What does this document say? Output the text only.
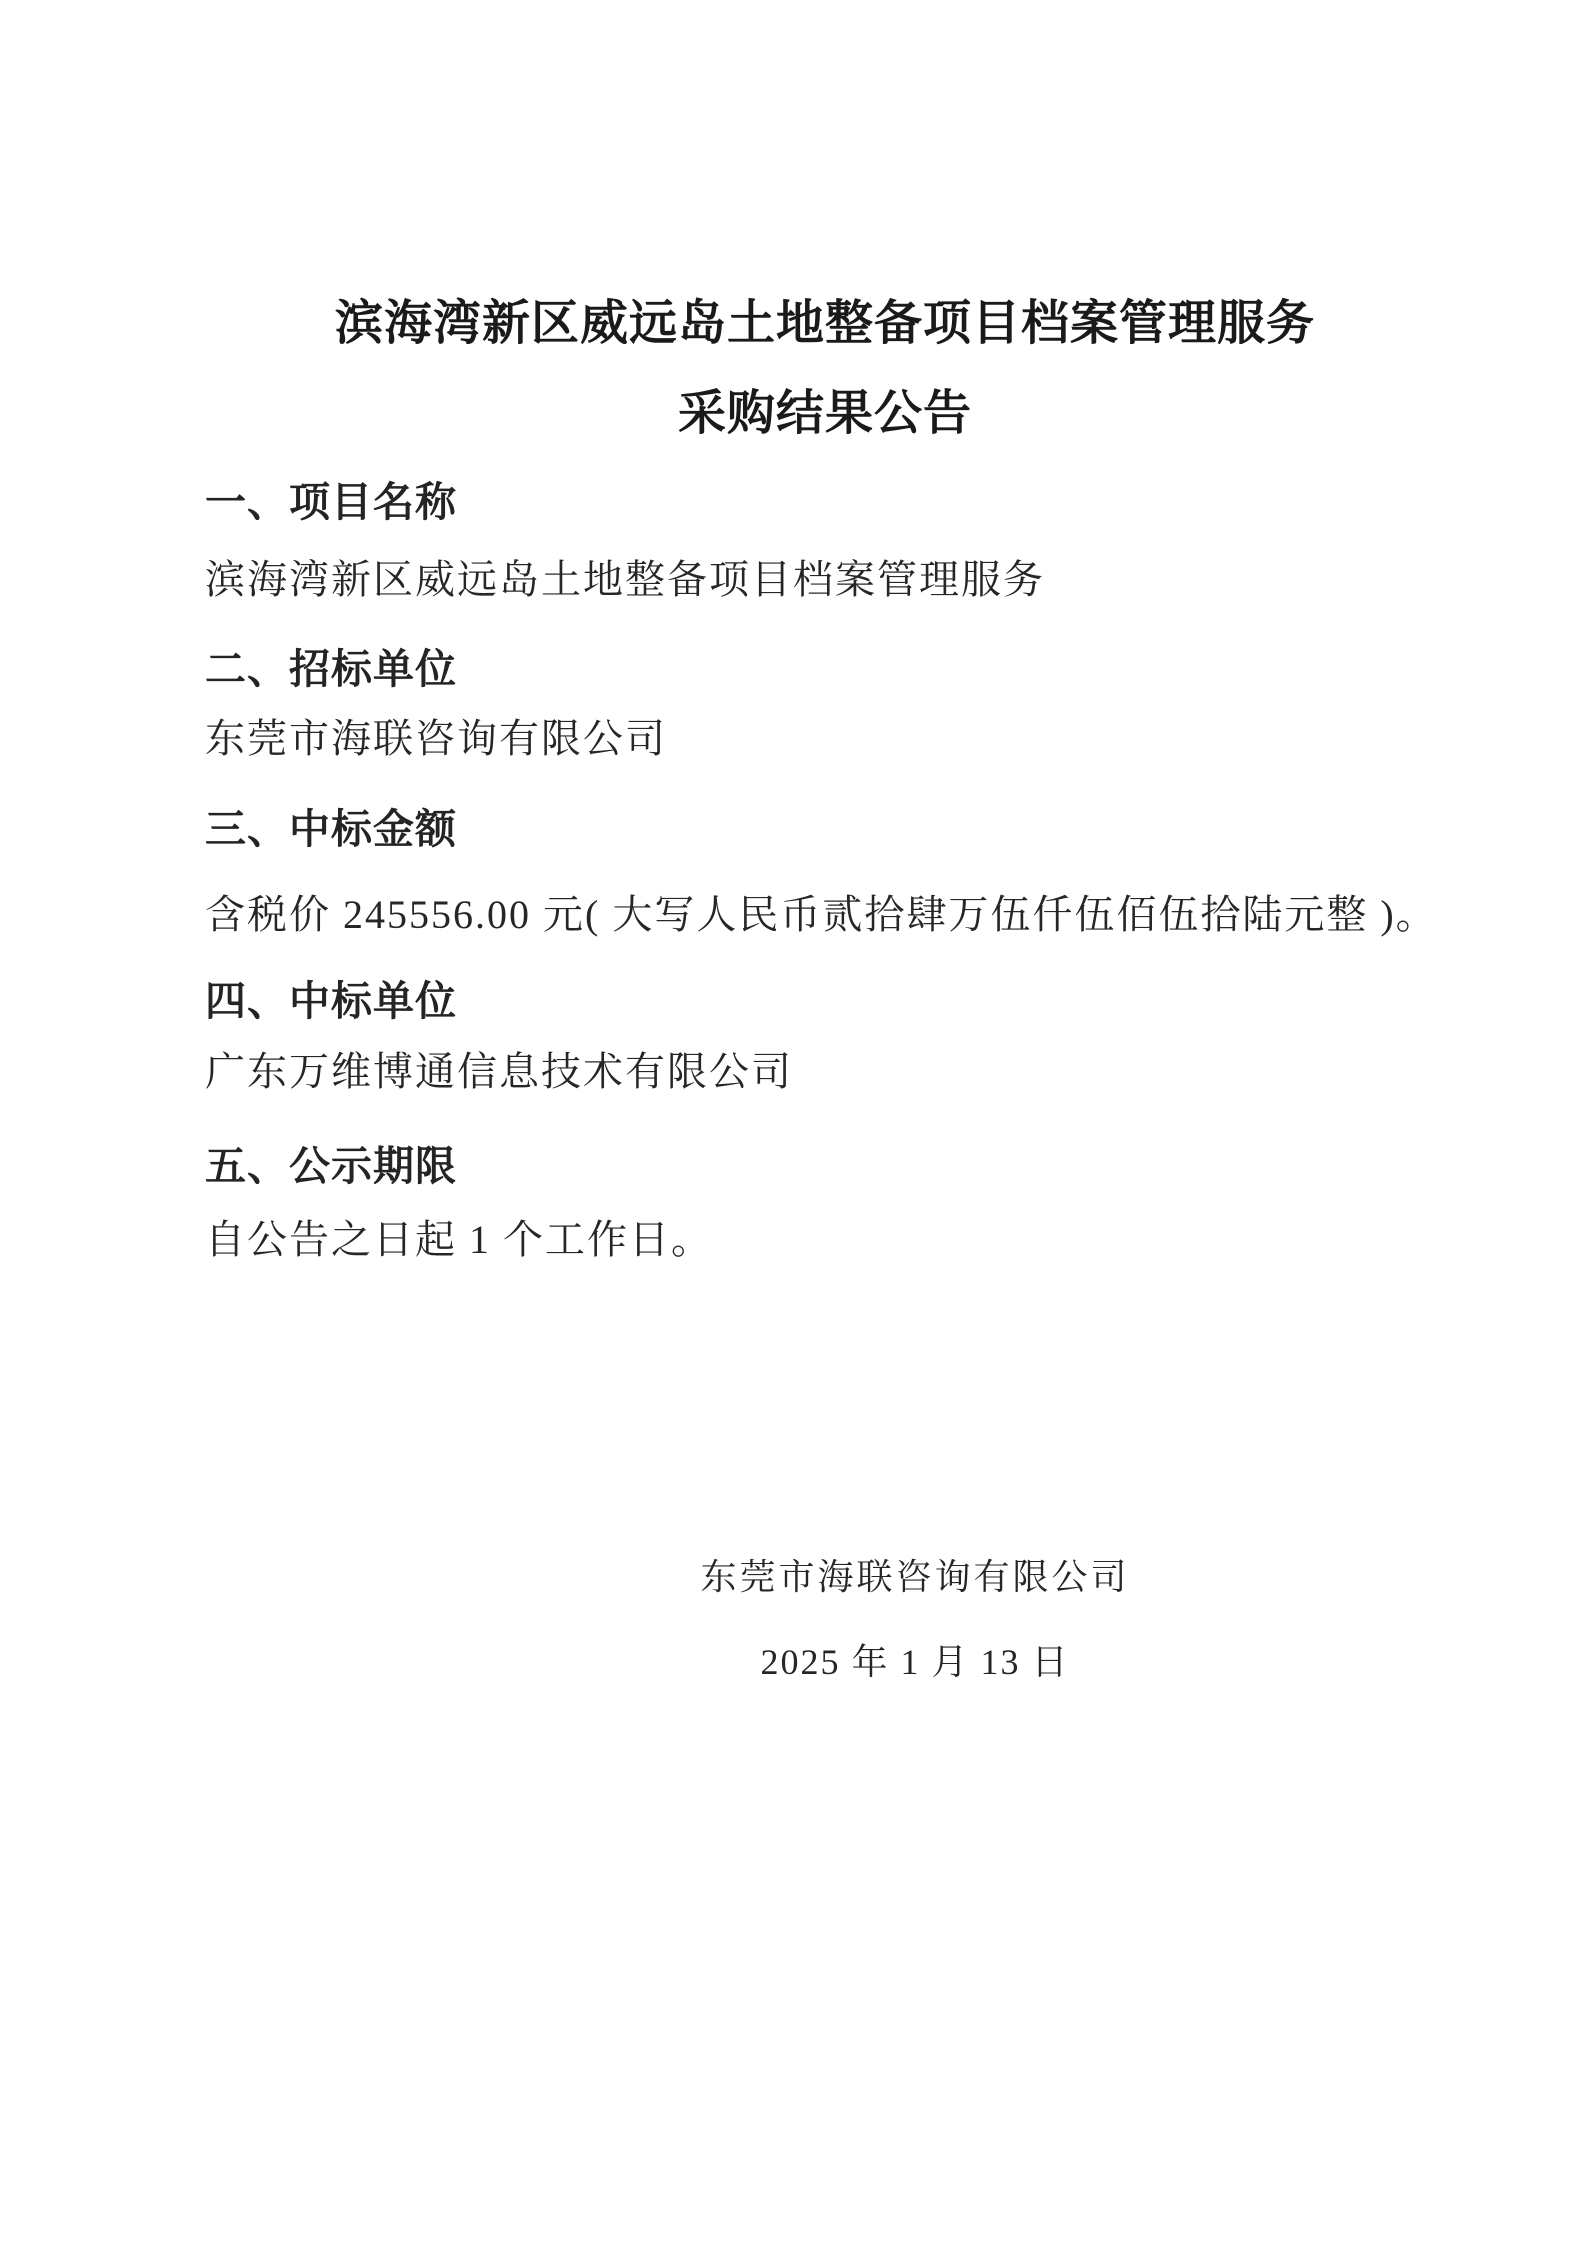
滨海湾新区威远岛土地整备项目档案管理服务
采购结果公告
一、项目名称
滨海湾新区威远岛土地整备项目档案管理服务
二、招标单位
东莞市海联咨询有限公司
三、中标金额
含税价 245556.00 元( 大写人民币贰拾肆万伍仟伍佰伍拾陆元整 )。
四、中标单位
广东万维博通信息技术有限公司
五、公示期限
自公告之日起 1 个工作日。
东莞市海联咨询有限公司
2025 年 1 月 13 日
